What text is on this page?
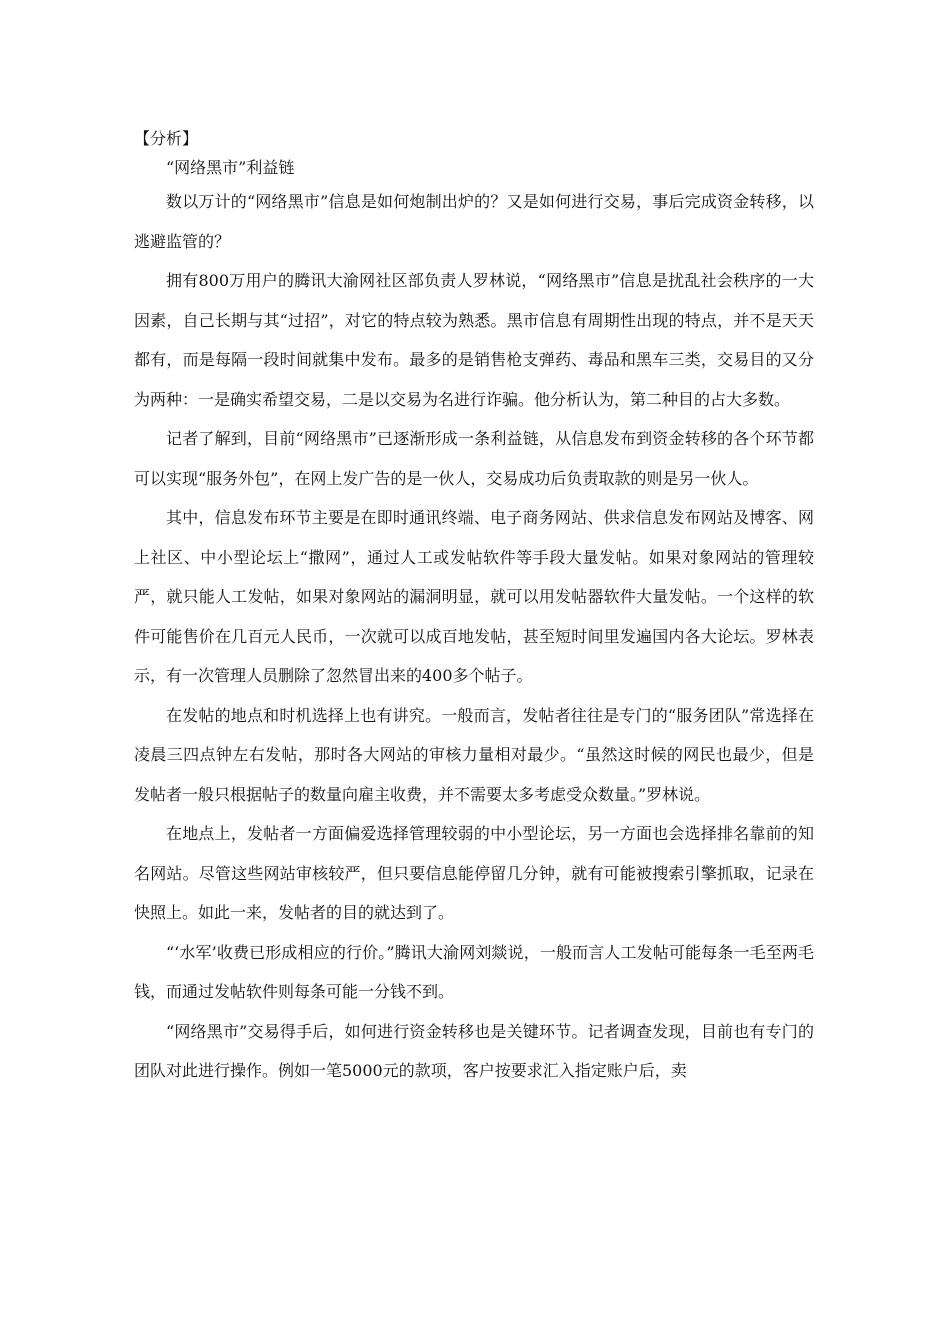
【分析】

“网络黑市”利益链

数以万计的“网络黑市”信息是如何炮制出炉的？又是如何进行交易，事后完成资金转移，以逃避监管的？

拥有800万用户的腾讯大渝网社区部负责人罗林说，“网络黑市”信息是扰乱社会秩序的一大因素，自己长期与其“过招”，对它的特点较为熟悉。黑市信息有周期性出现的特点，并不是天天都有，而是每隔一段时间就集中发布。最多的是销售枪支弹药、毒品和黑车三类，交易目的又分为两种：一是确实希望交易，二是以交易为名进行诈骗。他分析认为，第二种目的占大多数。

记者了解到，目前“网络黑市”已逐渐形成一条利益链，从信息发布到资金转移的各个环节都可以实现“服务外包”，在网上发广告的是一伙人，交易成功后负责取款的则是另一伙人。

其中，信息发布环节主要是在即时通讯终端、电子商务网站、供求信息发布网站及博客、网上社区、中小型论坛上“撒网”，通过人工或发帖软件等手段大量发帖。如果对象网站的管理较严，就只能人工发帖，如果对象网站的漏洞明显，就可以用发帖器软件大量发帖。一个这样的软件可能售价在几百元人民币，一次就可以成百地发帖，甚至短时间里发遍国内各大论坛。罗林表示，有一次管理人员删除了忽然冒出来的400多个帖子。

在发帖的地点和时机选择上也有讲究。一般而言，发帖者往往是专门的“服务团队”常选择在凌晨三四点钟左右发帖，那时各大网站的审核力量相对最少。“虽然这时候的网民也最少，但是发帖者一般只根据帖子的数量向雇主收费，并不需要太多考虑受众数量。”罗林说。

在地点上，发帖者一方面偏爱选择管理较弱的中小型论坛，另一方面也会选择排名靠前的知名网站。尽管这些网站审核较严，但只要信息能停留几分钟，就有可能被搜索引擎抓取，记录在快照上。如此一来，发帖者的目的就达到了。

“‘水军’收费已形成相应的行价。”腾讯大渝网刘燚说，一般而言人工发帖可能每条一毛至两毛钱，而通过发帖软件则每条可能一分钱不到。

“网络黑市”交易得手后，如何进行资金转移也是关键环节。记者调查发现，目前也有专门的团队对此进行操作。例如一笔5000元的款项，客户按要求汇入指定账户后，卖
